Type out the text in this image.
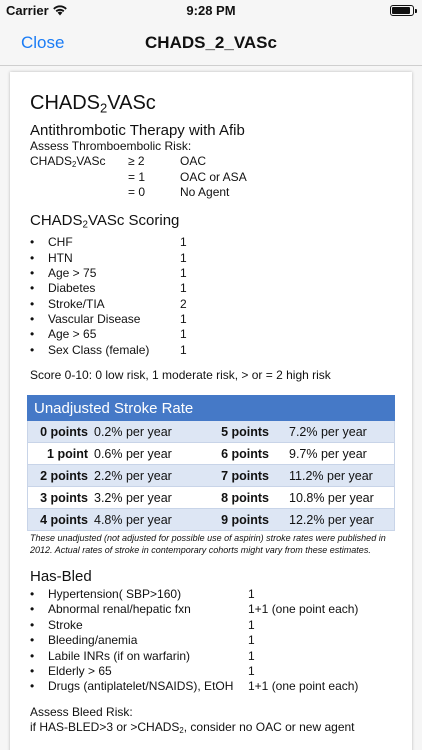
Carrier	9:28 PM
Close	CHADS_2_VASc
$CHADS_2VASc$
Antithrombotic Therapy with Afib
Assess Thromboembolic Risk:
$CHADS_2VASc \ge 2$	OAC
= 1	OAC or ASA
= 0	No Agent
$CHADS_2VASc$ Scoring
• CHF	1
• HTN	1
• Age > 75	1
• Diabetes	1
• Stroke/TIA	2
• Vascular Disease	1
• Age > 65	1
• Sex Class (female)	1
Score 0-10: 0 low risk, 1 moderate risk, > or = 2 high risk
Unadjusted Stroke Rate
0 points 0.2% per year	5 points	7.2% per year
1 point 0.6% per year	6 points	9.7% per year
2 points 2.2% per year	7 points	11.2% per year
3 points 3.2% per year	8 points	10.8% per year
4 points 4.8% per year	9 points	12.2% per year
These unadjusted (not adjusted for possible use of aspirin) stroke rates were published in 2012. Actual rates of stroke in contemporary cohorts might vary from these estimates.
Has-Bled
• Hypertension( SBP>160)	1
• Abnormal renal/hepatic fxn	1+1 (one point each)
• Stroke	1
• Bleeding/anemia	1
• Labile INRs (if on warfarin)	1
• Elderly > 65	1
• Drugs (antiplatelet/NSAIDS), EtOH 1+1 (one point each)
Assess Bleed Risk:
if HAS-BLED>3 or $>CHADS_2$, consider no OAC or new agent
